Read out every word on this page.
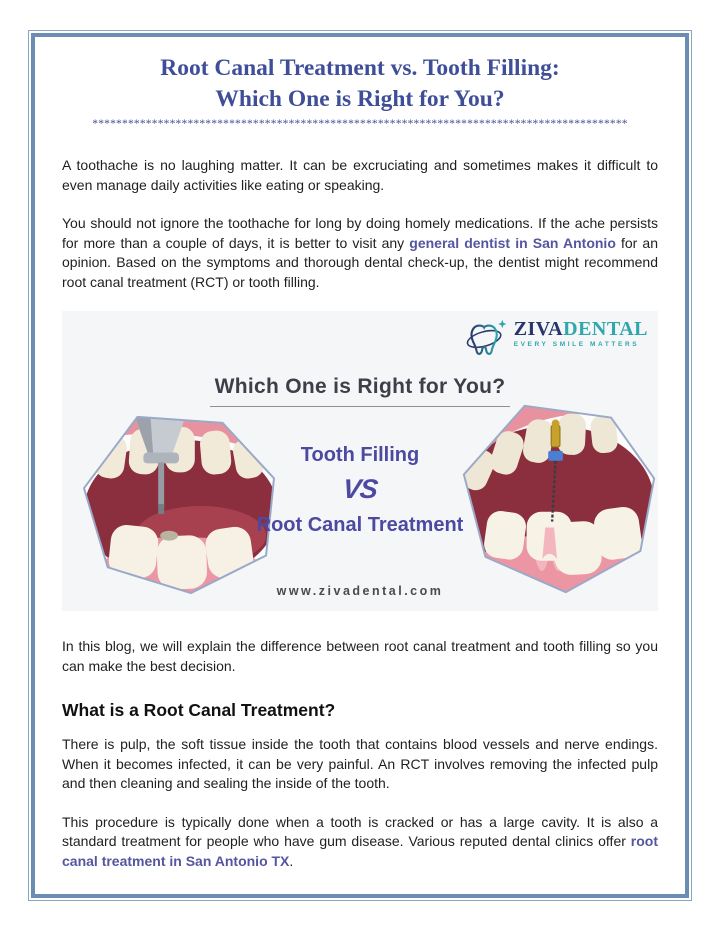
Root Canal Treatment vs. Tooth Filling:
Which One is Right for You?
******************************************************************************************

A toothache is no laughing matter. It can be excruciating and sometimes makes it difficult to even manage daily activities like eating or speaking.

You should not ignore the toothache for long by doing homely medications. If the ache persists for more than a couple of days, it is better to visit any general dentist in San Antonio for an opinion. Based on the symptoms and thorough dental check-up, the dentist might recommend root canal treatment (RCT) or tooth filling.

ZIVADENTAL
EVERY SMILE MATTERS
Which One is Right for You?
Tooth Filling
VS
Root Canal Treatment
www.zivadental.com

In this blog, we will explain the difference between root canal treatment and tooth filling so you can make the best decision.

What is a Root Canal Treatment?

There is pulp, the soft tissue inside the tooth that contains blood vessels and nerve endings. When it becomes infected, it can be very painful. An RCT involves removing the infected pulp and then cleaning and sealing the inside of the tooth.

This procedure is typically done when a tooth is cracked or has a large cavity. It is also a standard treatment for people who have gum disease. Various reputed dental clinics offer root canal treatment in San Antonio TX.
